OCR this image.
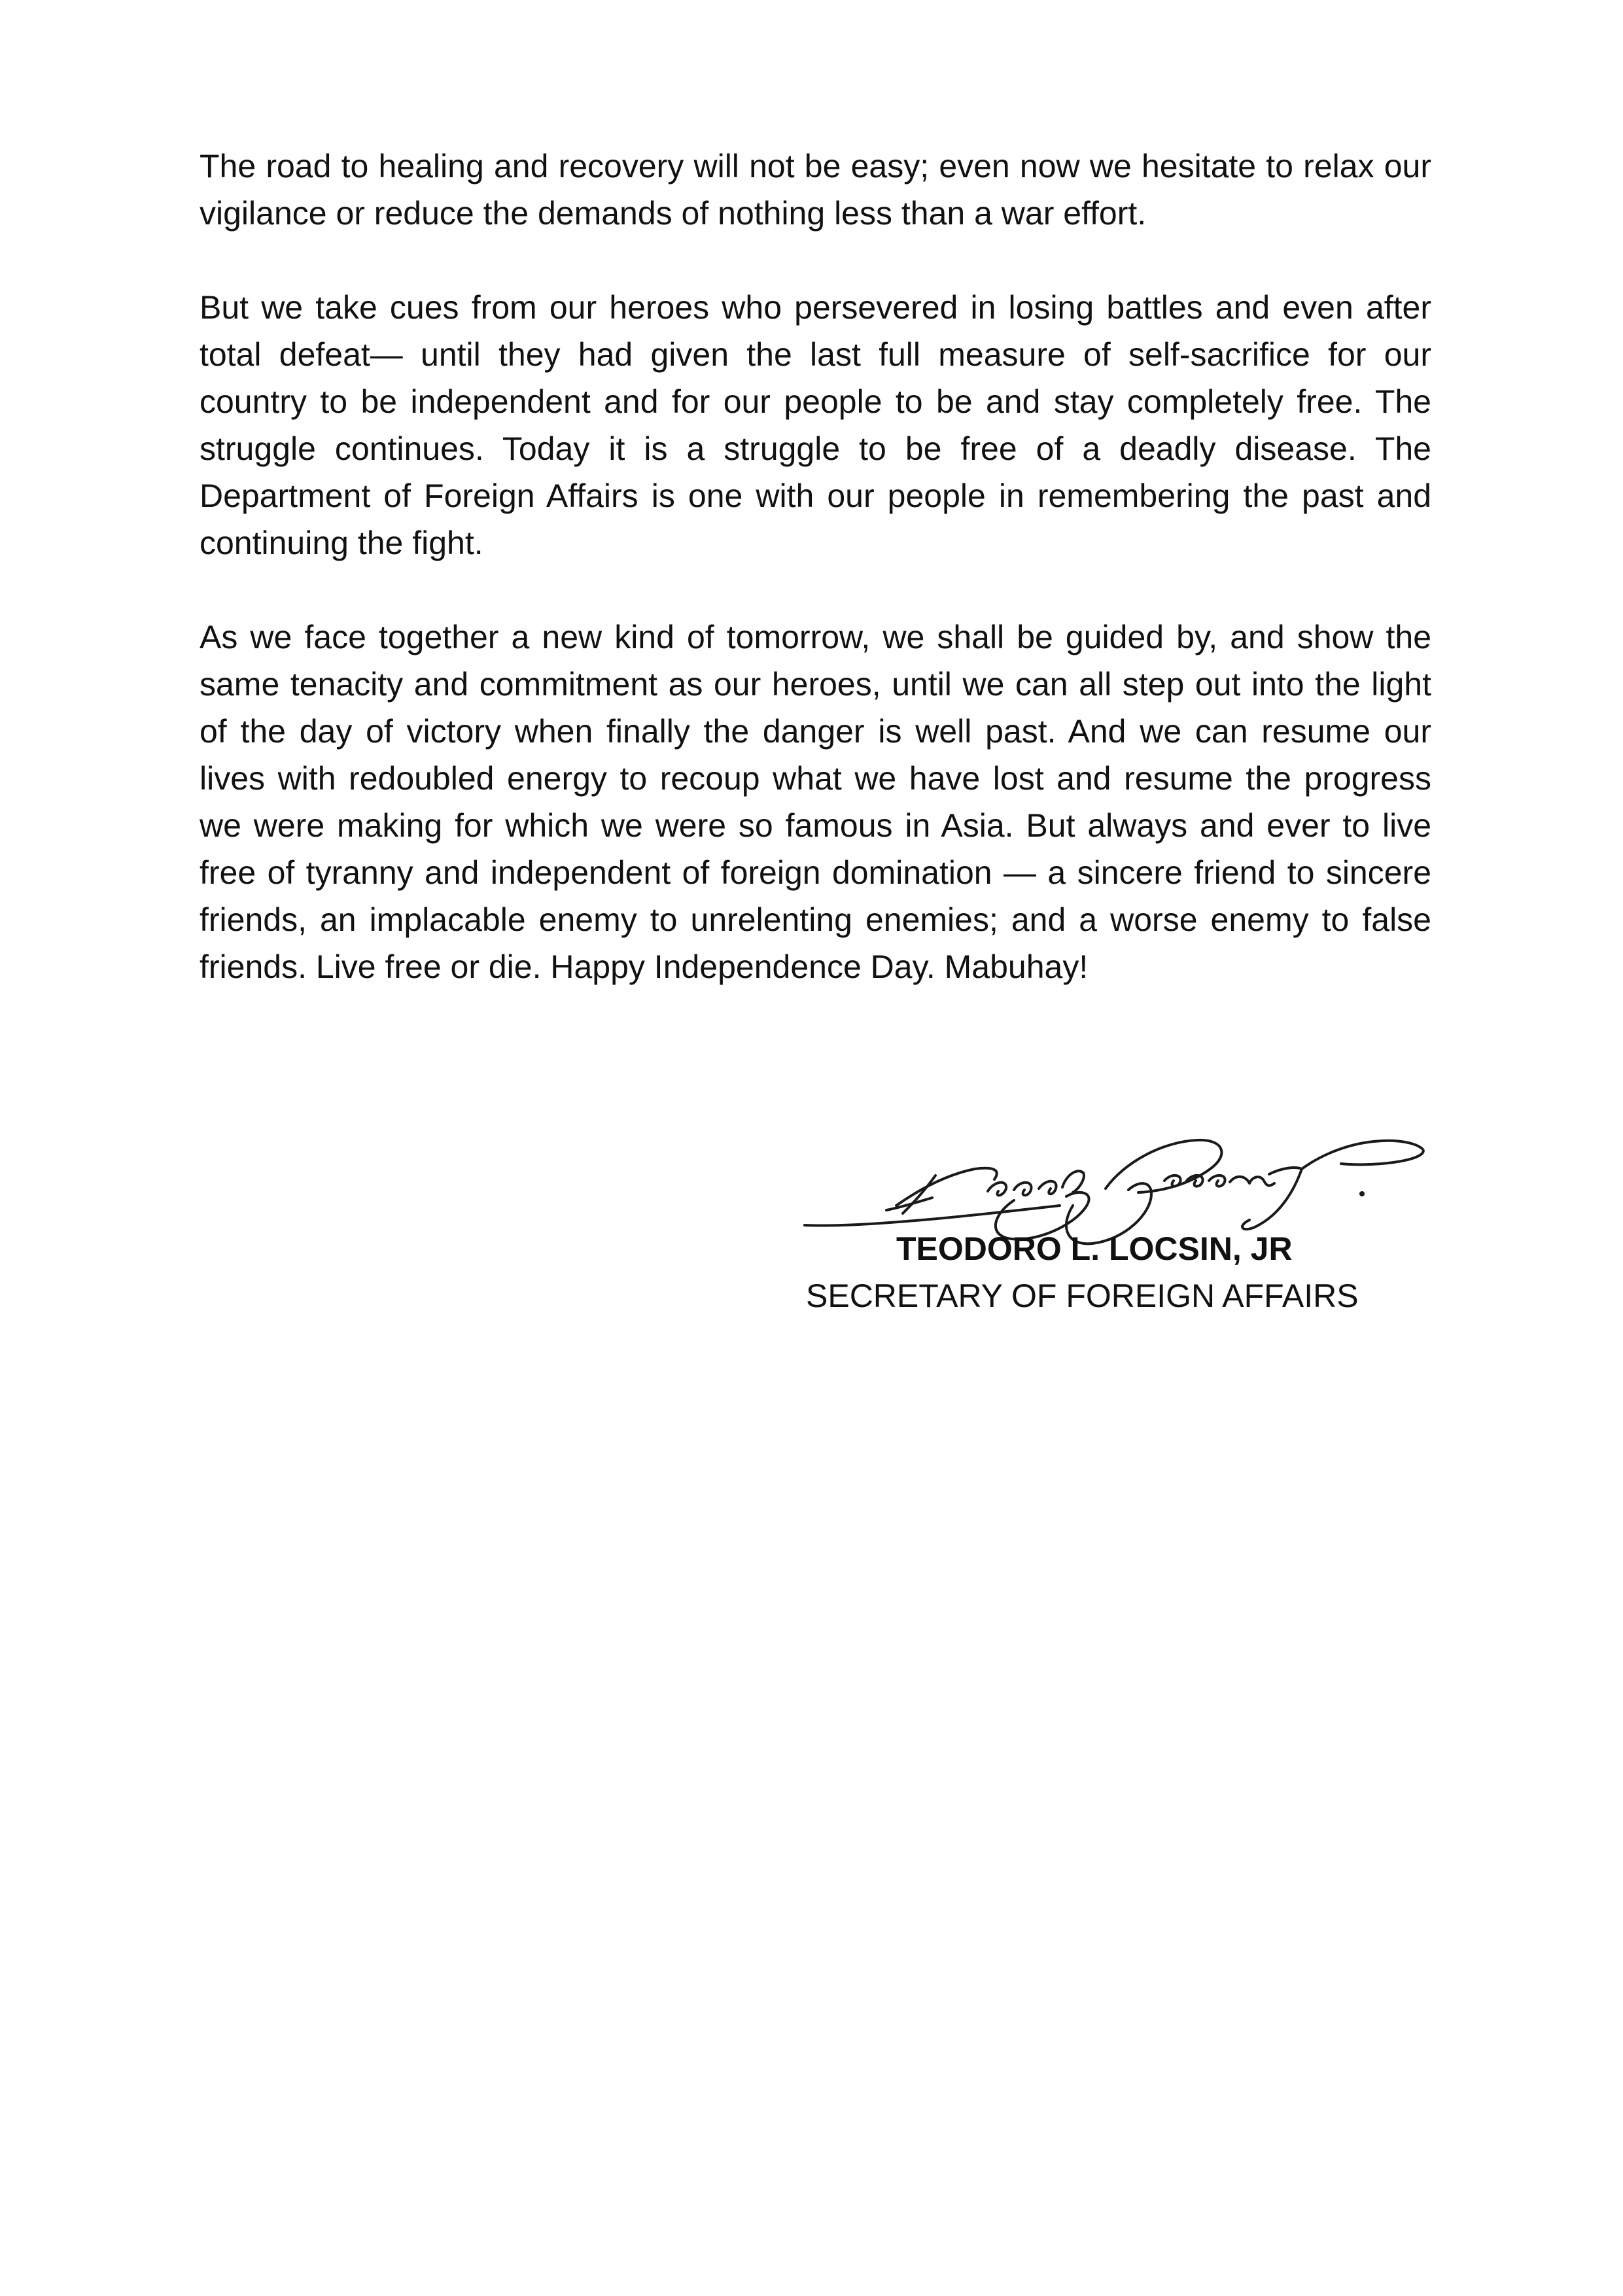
The road to healing and recovery will not be easy; even now we hesitate to relax our vigilance or reduce the demands of nothing less than a war effort.

But we take cues from our heroes who persevered in losing battles and even after total defeat— until they had given the last full measure of self-sacrifice for our country to be independent and for our people to be and stay completely free. The struggle continues. Today it is a struggle to be free of a deadly disease. The Department of Foreign Affairs is one with our people in remembering the past and continuing the fight.

As we face together a new kind of tomorrow, we shall be guided by, and show the same tenacity and commitment as our heroes, until we can all step out into the light of the day of victory when finally the danger is well past. And we can resume our lives with redoubled energy to recoup what we have lost and resume the progress we were making for which we were so famous in Asia. But always and ever to live free of tyranny and independent of foreign domination — a sincere friend to sincere friends, an implacable enemy to unrelenting enemies; and a worse enemy to false friends. Live free or die. Happy Independence Day. Mabuhay!

TEODORO L. LOCSIN, JR
SECRETARY OF FOREIGN AFFAIRS
